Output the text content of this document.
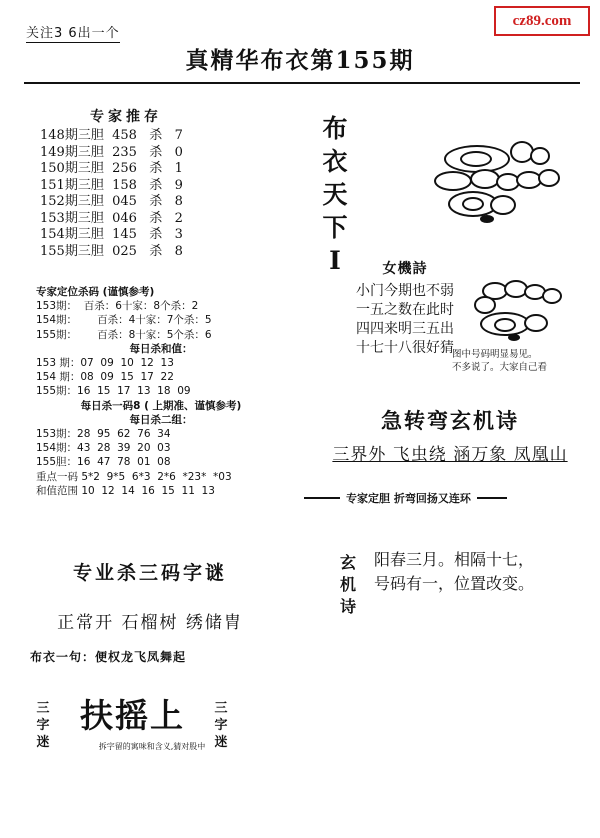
关注3 6出一个
cz89.com
真精华布衣第155期
专家推存
148期三胆  458   杀   7
149期三胆  235   杀   0
150期三胆  256   杀   1
151期三胆  158   杀   9
152期三胆  045   杀   8
153期三胆  046   杀   2
154期三胆  145   杀   3
155期三胆  025   杀   8
专家定位杀码 (谨慎参考)
153期：  百杀：6十家：8个杀：2
154期：      百杀：4十家：7个杀：5
155期：      百杀：8十家：5个杀：6
每日杀和值：
153 期：07  09  10  12  13
154 期：08  09  15  17  22
155期：16  15  17  13  18  09
每日杀一码8 ( 上期准、谨慎参考)
每日杀二组：
153期：28  95  62  76  34
154期：43  28  39  20  03
155胆：16  47  78  01  08
重点一码 5*2  9*5  6*3  2*6  *23*  *03
和值范围 10  12  14  16  15  11  13
专业杀三码字谜
正常开 石榴树 绣储胄
布衣一句：便权龙飞凤舞起
三字迷
三字迷
扶摇上
拆字留的寓味和含义,猜对股中
布衣天下Ⅰ	女機詩
小门今期也不弱
一五之数在此时
四四来明三五出
十七十八很好猜
图中号码明显易见。
不多说了。大家自己看
急转弯玄机诗
三界外 飞虫绕 涵万象 凤凰山
专家定胆 折弯回扬又连环
玄机诗
阳春三月。相隔十七，
号码有一，位置改变。
